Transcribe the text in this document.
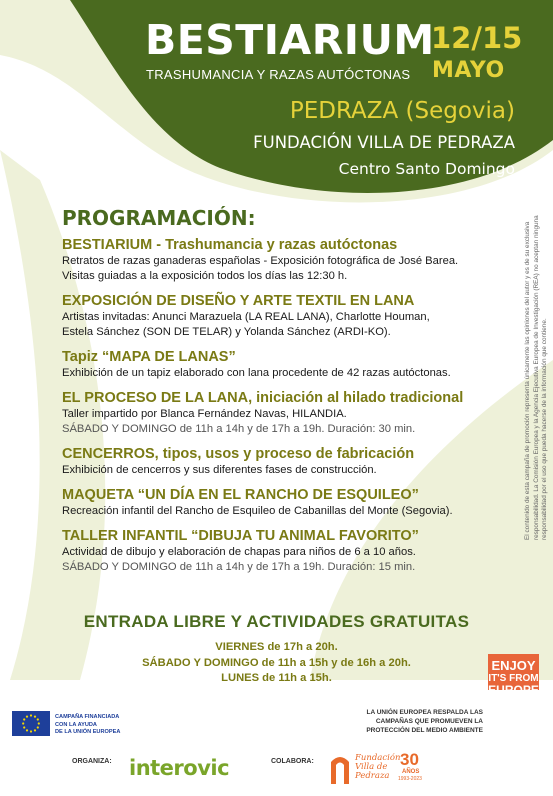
BESTIARIUM
TRASHUMANCIA Y RAZAS AUTÓCTONAS
12/15
MAYO
PEDRAZA (Segovia)
FUNDACIÓN VILLA DE PEDRAZA
Centro Santo Domingo
PROGRAMACIÓN:
BESTIARIUM - Trashumancia y razas autóctonas
Retratos de razas ganaderas españolas - Exposición fotográfica de José Barea.
Visitas guiadas a la exposición todos los días las 12:30 h.
EXPOSICIÓN DE DISEÑO Y ARTE TEXTIL EN LANA
Artistas invitadas: Anunci Marazuela (LA REAL LANA), Charlotte Houman,
Estela Sánchez (SON DE TELAR) y Yolanda Sánchez (ARDI-KO).
Tapiz “MAPA DE LANAS”
Exhibición de un tapiz elaborado con lana procedente de 42 razas autóctonas.
EL PROCESO DE LA LANA, iniciación al hilado tradicional
Taller impartido por Blanca Fernández Navas, HILANDIA.
SÁBADO Y DOMINGO de 11h a 14h y de 17h a 19h. Duración: 30 min.
CENCERROS, tipos, usos y proceso de fabricación
Exhibición de cencerros y sus diferentes fases de construcción.
MAQUETA “UN DÍA EN EL RANCHO DE ESQUILEO”
Recreación infantil del Rancho de Esquileo de Cabanillas del Monte (Segovia).
TALLER INFANTIL “DIBUJA TU ANIMAL FAVORITO”
Actividad de dibujo y elaboración de chapas para niños de 6 a 10 años.
SÁBADO Y DOMINGO de 11h a 14h y de 17h a 19h. Duración: 15 min.
El contenido de esta campaña de promoción representa únicamente las opiniones del autor y es de su exclusiva responsabilidad. La Comisión Europea y la Agencia Ejecutiva Europea de Investigación (REA) no aceptan ninguna responsabilidad por el uso que pueda hacerse de la información que contiene.
ENTRADA LIBRE Y ACTIVIDADES GRATUITAS
VIERNES de 17h a 20h.
SÁBADO Y DOMINGO de 11h a 15h y de 16h a 20h.
LUNES de 11h a 15h.
ENJOY
IT'S FROM
CAMPAÑA FINANCIADA
CON LA AYUDA
DE LA UNIÓN EUROPEA
LA UNIÓN EUROPEA RESPALDA LAS
CAMPAÑAS QUE PROMUEVEN LA
PROTECCIÓN DEL MEDIO AMBIENTE
ORGANIZA: interovic	COLABORA:	Fundación
Villa de
Pedraza
30
AÑOS
1993-2023
